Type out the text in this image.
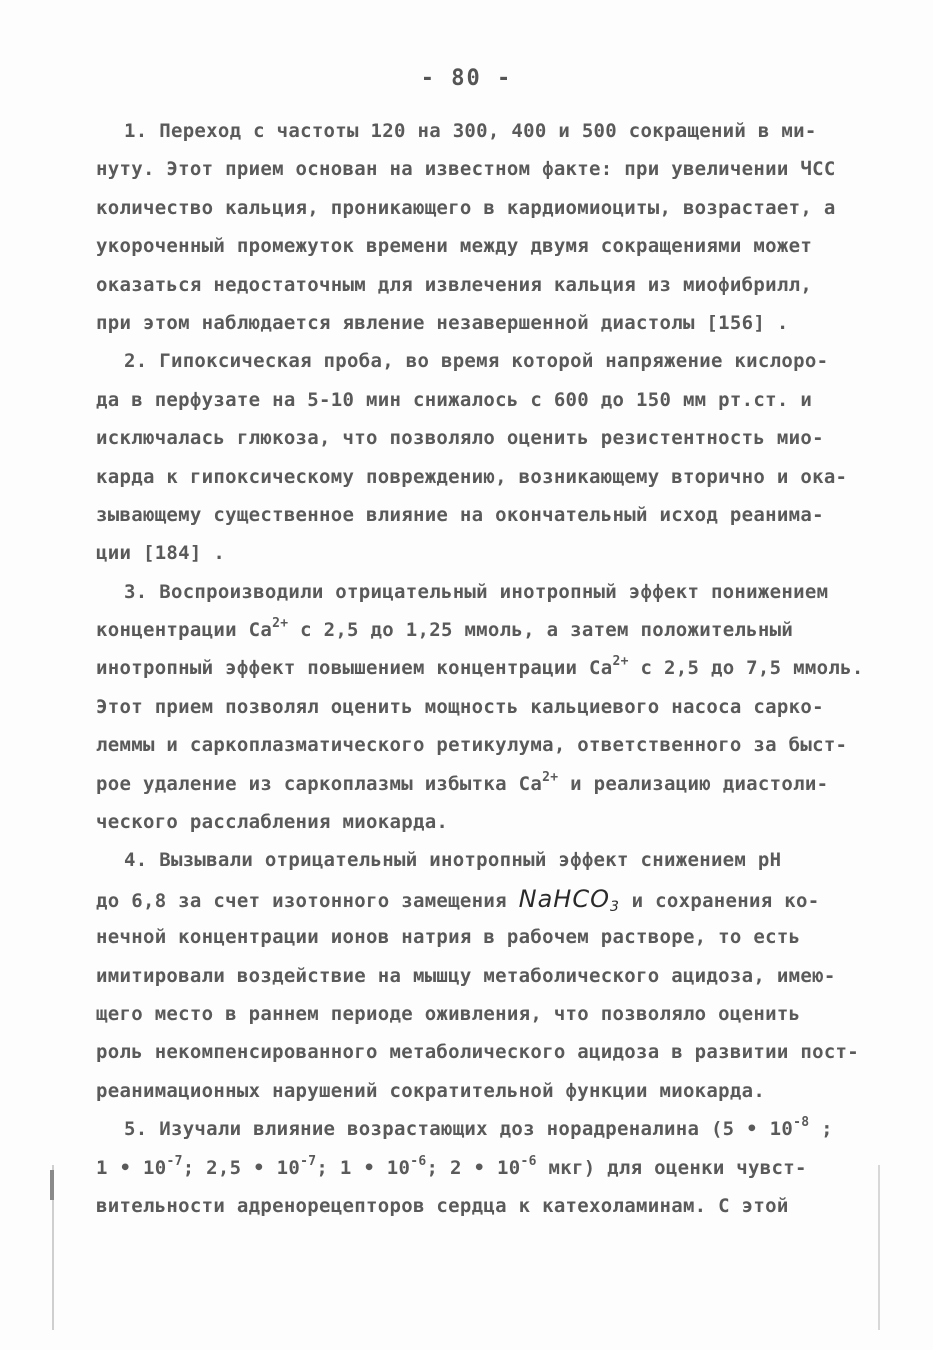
- 80 -
1. Переход с частоты 120 на 300, 400 и 500 сокращений в ми-
нуту. Этот прием основан на известном факте: при увеличении ЧСС
количество кальция, проникающего в кардиомиоциты, возрастает, а
укороченный промежуток времени между двумя сокращениями может
оказаться недостаточным для извлечения кальция из миофибрилл,
при этом наблюдается явление незавершенной диастолы [156] .
2. Гипоксическая проба, во время которой напряжение кислоро-
да в перфузате на 5-10 мин снижалось с 600 до 150 мм рт.ст. и
исключалась глюкоза, что позволяло оценить резистентность мио-
карда к гипоксическому повреждению, возникающему вторично и ока-
зывающему существенное влияние на окончательный исход реанима-
ции [184] .
3. Воспроизводили отрицательный инотропный эффект понижением
концентрации $Ca^{2+}$ с 2,5 до 1,25 ммоль, а затем положительный
инотропный эффект повышением концентрации $Ca^{2+}$ с 2,5 до 7,5 ммоль.
Этот прием позволял оценить мощность кальциевого насоса сарко-
леммы и саркоплазматического ретикулума, ответственного за быст-
рое удаление из саркоплазмы избытка $Ca^{2+}$ и реализацию диастоли-
ческого расслабления миокарда.
4. Вызывали отрицательный инотропный эффект снижением pH
до 6,8 за счет изотонного замещения NaHCO$_3$ и сохранения ко-
нечной концентрации ионов натрия в рабочем растворе, то есть
имитировали воздействие на мышцу метаболического ацидоза, имею-
щего место в раннем периоде оживления, что позволяло оценить
роль некомпенсированного метаболического ацидоза в развитии пост-
реанимационных нарушений сократительной функции миокарда.
5. Изучали влияние возрастающих доз норадреналина (5 • $10^{-8}$ ;
1 • $10^{-7}$; 2,5 • $10^{-7}$; 1 • $10^{-6}$; 2 • $10^{-6}$ мкг) для оценки чувст-
вительности адренорецепторов сердца к катехоламинам. С этой
